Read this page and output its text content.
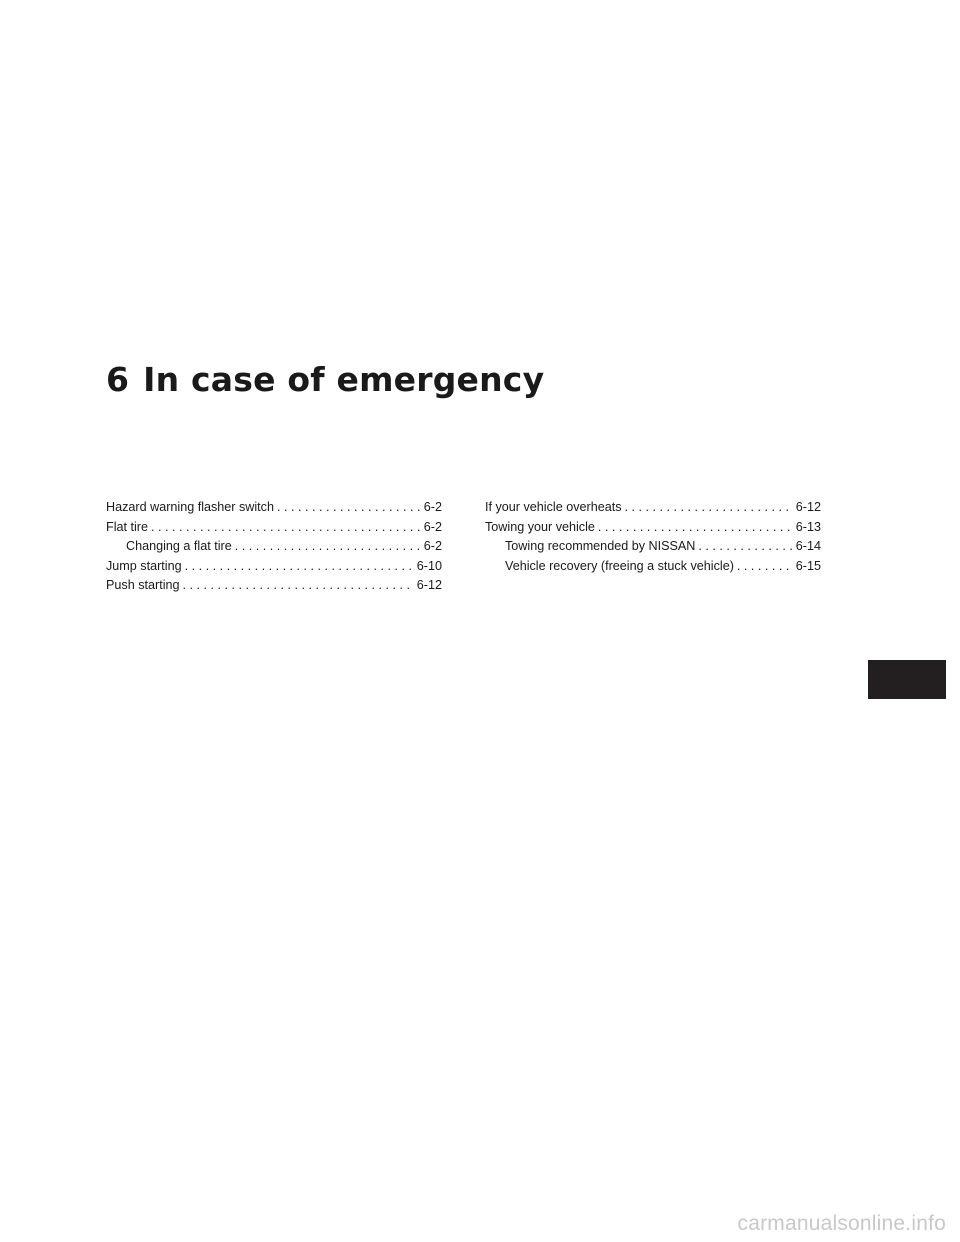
6 In case of emergency
Hazard warning flasher switch . . .	6-2
Flat tire . . .	6-2
Changing a flat tire . . .	6-2
Jump starting . . .	6-10
Push starting . . .	6-12
If your vehicle overheats . . .	6-12
Towing your vehicle . . .	6-13
Towing recommended by NISSAN . . .	6-14
Vehicle recovery (freeing a stuck vehicle) . . .	6-15
carmanualsonline.info
